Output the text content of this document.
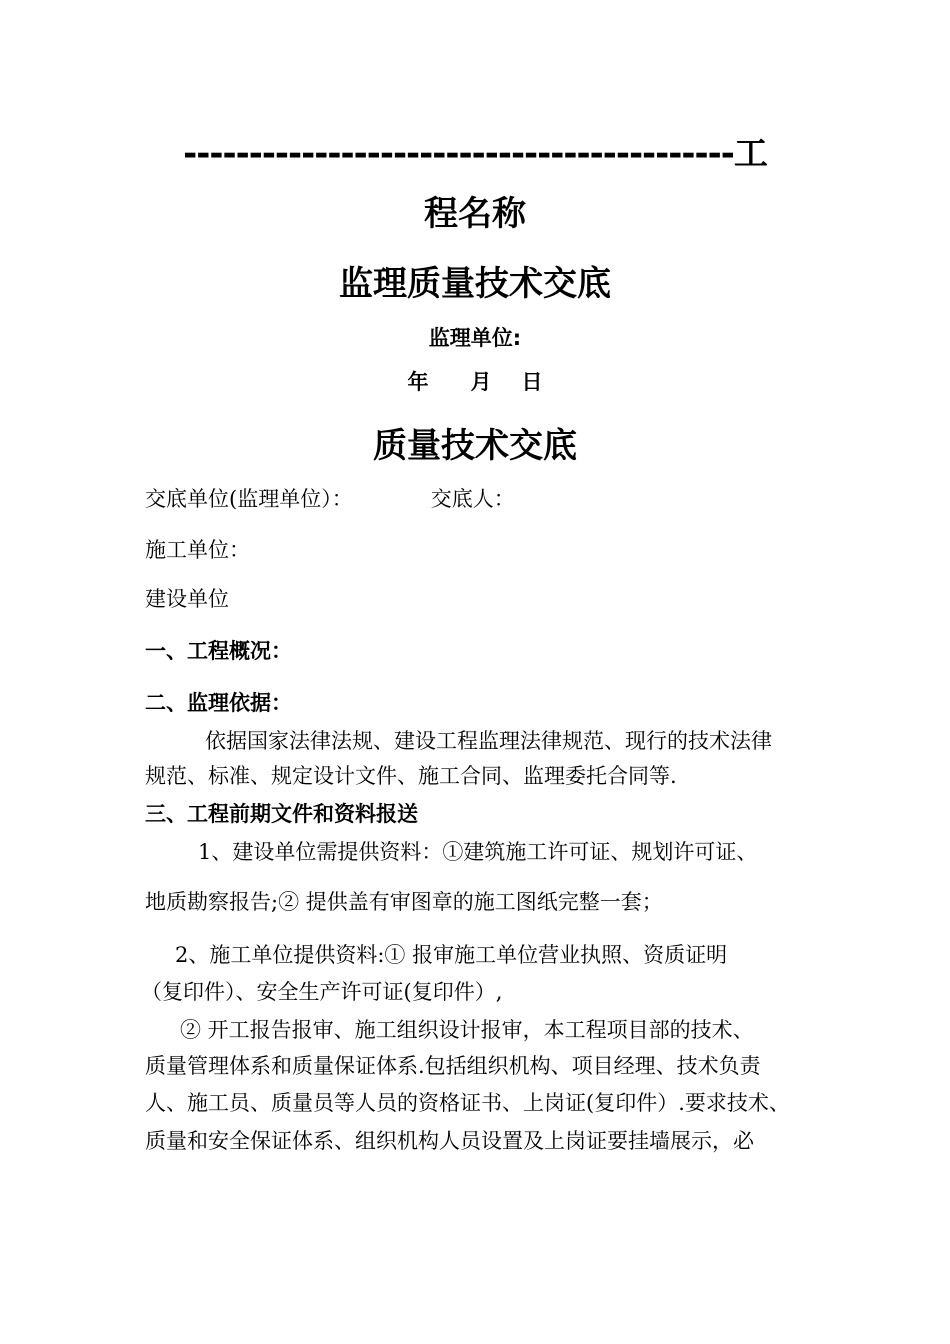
------------------------------------------工
程名称
监理质量技术交底
监理单位:
年 月 日
质量技术交底
交底单位(监理单位）：	交底人：
施工单位：
建设单位
一、工程概况：
二、监理依据：
依据国家法律法规、建设工程监理法律规范、现行的技术法律
规范、标准、规定设计文件、施工合同、监理委托合同等.
三、工程前期文件和资料报送
1、建设单位需提供资料：①建筑施工许可证、规划许可证、
地质勘察报告;② 提供盖有审图章的施工图纸完整一套；
2、施工单位提供资料:① 报审施工单位营业执照、资质证明
（复印件）、安全生产许可证(复印件）,
② 开工报告报审、施工组织设计报审，本工程项目部的技术、
质量管理体系和质量保证体系.包括组织机构、项目经理、技术负责
人、施工员、质量员等人员的资格证书、上岗证(复印件）.要求技术、
质量和安全保证体系、组织机构人员设置及上岗证要挂墙展示，必
